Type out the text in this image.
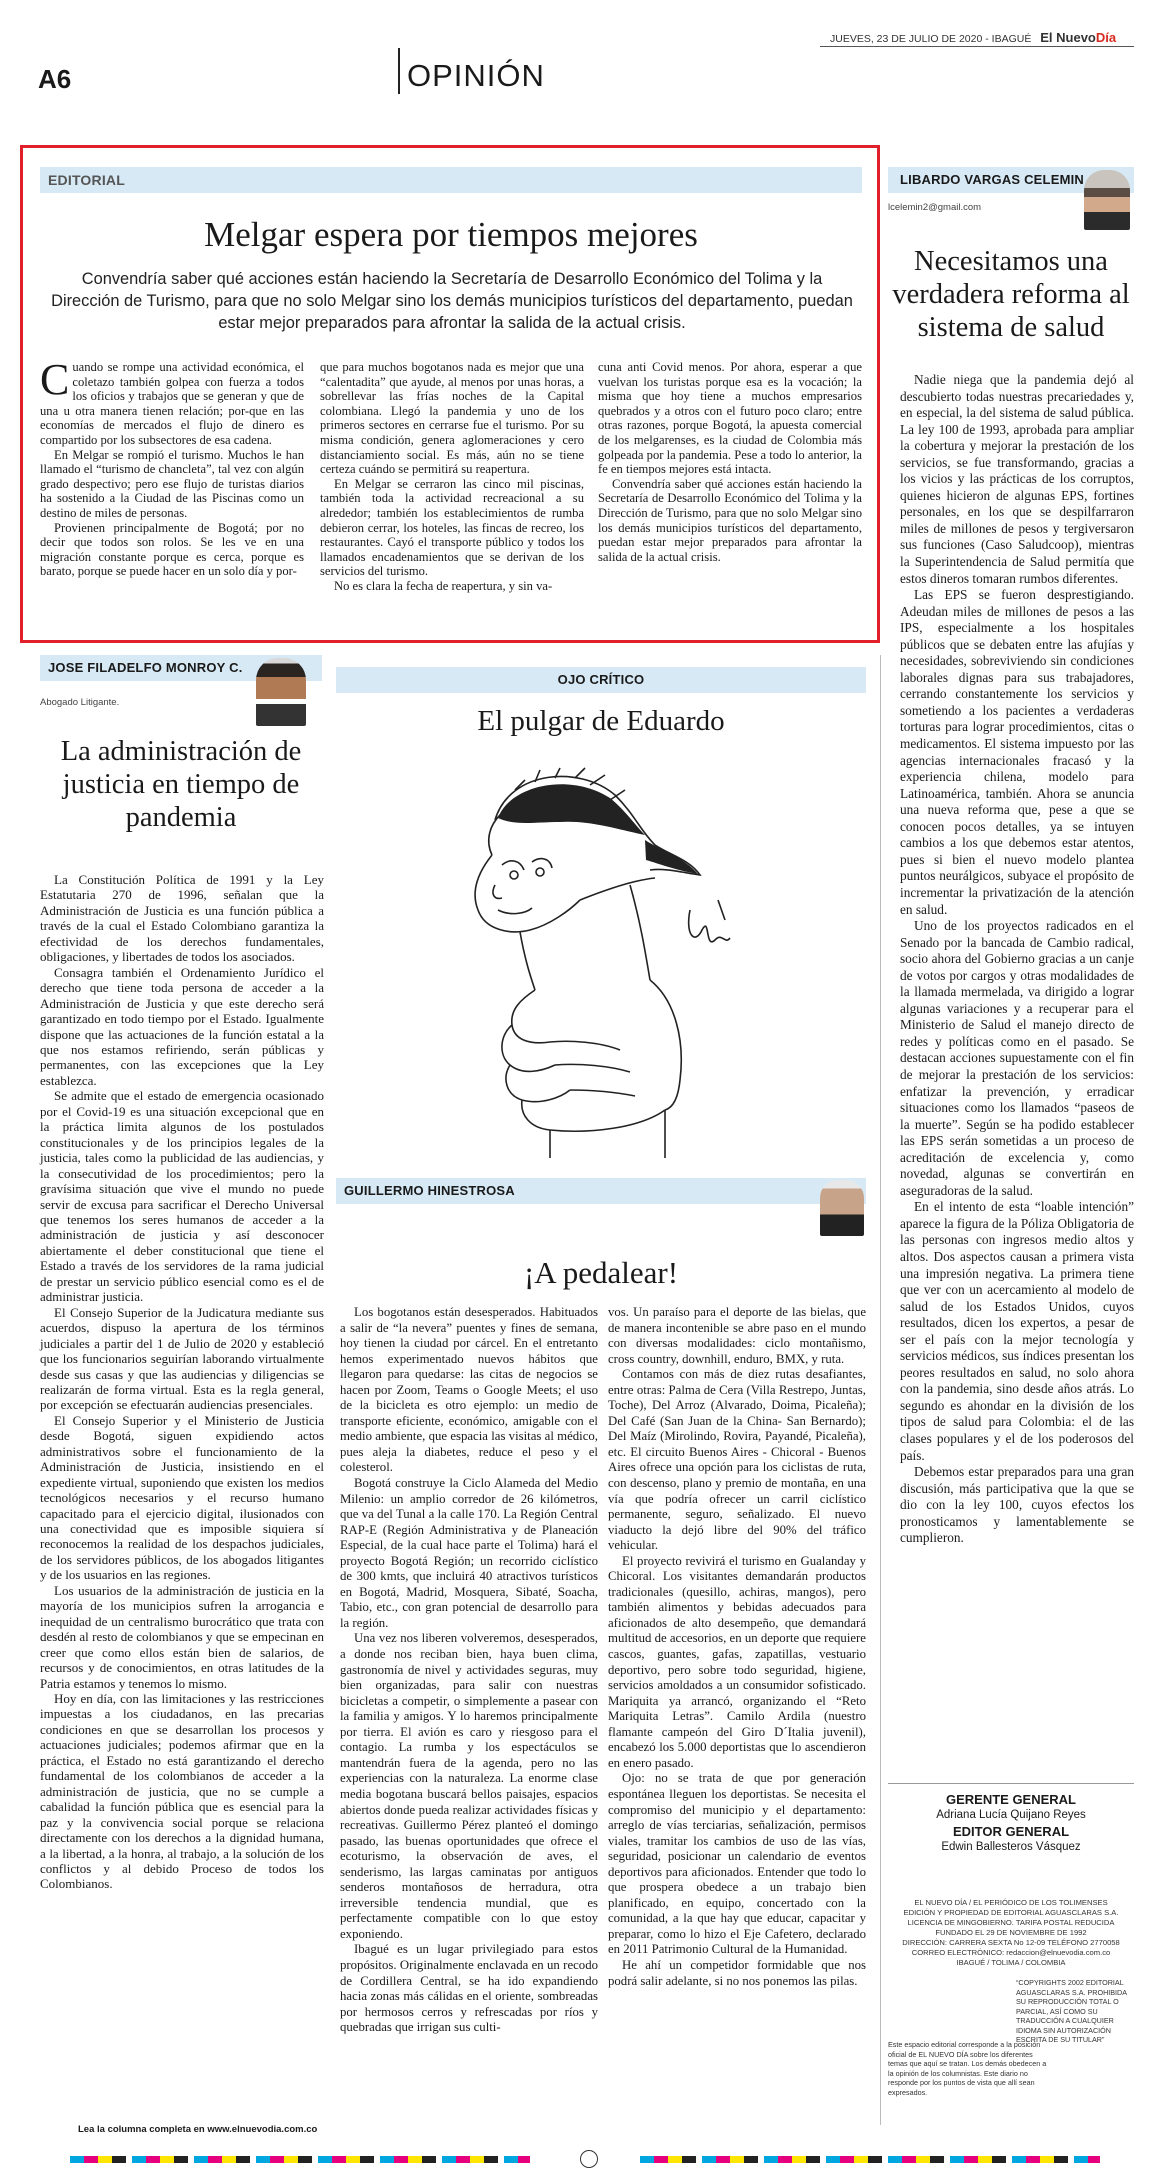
A6	OPINIÓN
JUEVES, 23 DE JULIO DE 2020 - IBAGUÉ El NuevoDía
EDITORIAL
Melgar espera por tiempos mejores
Convendría saber qué acciones están haciendo la Secretaría de Desarrollo Económico del Tolima y la Dirección de Turismo, para que no solo Melgar sino los demás municipios turísticos del departamento, puedan estar mejor preparados para afrontar la salida de la actual crisis.

Cuando se rompe una actividad económica, el coletazo también golpea con fuerza a todos los oficios y trabajos que se generan y que de una u otra manera tienen relación; por-que en las economías de mercados el flujo de dinero es compartido por los subsectores de esa cadena.

En Melgar se rompió el turismo. Muchos le han llamado el “turismo de chancleta”, tal vez con algún grado despectivo; pero ese flujo de turistas diarios ha sostenido a la Ciudad de las Piscinas como un destino de miles de personas.

Provienen principalmente de Bogotá; por no decir que todos son rolos. Se les ve en una migración constante porque es cerca, porque es barato, porque se puede hacer en un solo día y por-

que para muchos bogotanos nada es mejor que una “calentadita” que ayude, al menos por unas horas, a sobrellevar las frías noches de la Capital colombiana. Llegó la pandemia y uno de los primeros sectores en cerrarse fue el turismo. Por su misma condición, genera aglomeraciones y cero distanciamiento social. Es más, aún no se tiene certeza cuándo se permitirá su reapertura.

En Melgar se cerraron las cinco mil piscinas, también toda la actividad recreacional a su alrededor; también los establecimientos de rumba debieron cerrar, los hoteles, las fincas de recreo, los restaurantes. Cayó el transporte público y todos los llamados encadenamientos que se derivan de los servicios del turismo.

No es clara la fecha de reapertura, y sin va-

cuna anti Covid menos. Por ahora, esperar a que vuelvan los turistas porque esa es la vocación; la misma que hoy tiene a muchos empresarios quebrados y a otros con el futuro poco claro; entre otras razones, porque Bogotá, la apuesta comercial de los melgarenses, es la ciudad de Colombia más golpeada por la pandemia. Pese a todo lo anterior, la fe en tiempos mejores está intacta.

Convendría saber qué acciones están haciendo la Secretaría de Desarrollo Económico del Tolima y la Dirección de Turismo, para que no solo Melgar sino los demás municipios turísticos del departamento, puedan estar mejor preparados para afrontar la salida de la actual crisis.

LIBARDO VARGAS CELEMIN
lcelemin2@gmail.com
Necesitamos una verdadera reforma al sistema de salud

Nadie niega que la pandemia dejó al descubierto todas nuestras precariedades y, en especial, la del sistema de salud pública. La ley 100 de 1993, aprobada para ampliar la cobertura y mejorar la prestación de los servicios, se fue transformando, gracias a los vicios y las prácticas de los corruptos, quienes hicieron de algunas EPS, fortines personales, en los que se despilfarraron miles de millones de pesos y tergiversaron sus funciones (Caso Saludcoop), mientras la Superintendencia de Salud permitía que estos dineros tomaran rumbos diferentes.

Las EPS se fueron desprestigiando. Adeudan miles de millones de pesos a las IPS, especialmente a los hospitales públicos que se debaten entre las afujías y necesidades, sobreviviendo sin condiciones laborales dignas para sus trabajadores, cerrando constantemente los servicios y sometiendo a los pacientes a verdaderas torturas para lograr procedimientos, citas o medicamentos. El sistema impuesto por las agencias internacionales fracasó y la experiencia chilena, modelo para Latinoamérica, también. Ahora se anuncia una nueva reforma que, pese a que se conocen pocos detalles, ya se intuyen cambios a los que debemos estar atentos, pues si bien el nuevo modelo plantea puntos neurálgicos, subyace el propósito de incrementar la privatización de la atención en salud.

Uno de los proyectos radicados en el Senado por la bancada de Cambio radical, socio ahora del Gobierno gracias a un canje de votos por cargos y otras modalidades de la llamada mermelada, va dirigido a lograr algunas variaciones y a recuperar para el Ministerio de Salud el manejo directo de redes y políticas como en el pasado. Se destacan acciones supuestamente con el fin de mejorar la prestación de los servicios: enfatizar la prevención, y erradicar situaciones como los llamados “paseos de la muerte”. Según se ha podido establecer las EPS serán sometidas a un proceso de acreditación de excelencia y, como novedad, algunas se convertirán en aseguradoras de la salud.

En el intento de esta “loable intención” aparece la figura de la Póliza Obligatoria de las personas con ingresos medio altos y altos. Dos aspectos causan a primera vista una impresión negativa. La primera tiene que ver con un acercamiento al modelo de salud de los Estados Unidos, cuyos resultados, dicen los expertos, a pesar de ser el país con la mejor tecnología y servicios médicos, sus índices presentan los peores resultados en salud, no solo ahora con la pandemia, sino desde años atrás. Lo segundo es ahondar en la división de los tipos de salud para Colombia: el de las clases populares y el de los poderosos del país.

Debemos estar preparados para una gran discusión, más participativa que la que se dio con la ley 100, cuyos efectos los pronosticamos y lamentablemente se cumplieron.

JOSE FILADELFO MONROY C.
Abogado Litigante.
La administración de justicia en tiempo de pandemia

La Constitución Política de 1991 y la Ley Estatutaria 270 de 1996, señalan que la Administración de Justicia es una función pública a través de la cual el Estado Colombiano garantiza la efectividad de los derechos fundamentales, obligaciones, y libertades de todos los asociados.

Consagra también el Ordenamiento Jurídico el derecho que tiene toda persona de acceder a la Administración de Justicia y que este derecho será garantizado en todo tiempo por el Estado. Igualmente dispone que las actuaciones de la función estatal a la que nos estamos refiriendo, serán públicas y permanentes, con las excepciones que la Ley establezca.

Se admite que el estado de emergencia ocasionado por el Covid-19 es una situación excepcional que en la práctica limita algunos de los postulados constitucionales y de los principios legales de la justicia, tales como la publicidad de las audiencias, y la consecutividad de los procedimientos; pero la gravísima situación que vive el mundo no puede servir de excusa para sacrificar el Derecho Universal que tenemos los seres humanos de acceder a la administración de justicia y así desconocer abiertamente el deber constitucional que tiene el Estado a través de los servidores de la rama judicial de prestar un servicio público esencial como es el de administrar justicia.

El Consejo Superior de la Judicatura mediante sus acuerdos, dispuso la apertura de los términos judiciales a partir del 1 de Julio de 2020 y estableció que los funcionarios seguirían laborando virtualmente desde sus casas y que las audiencias y diligencias se realizarán de forma virtual. Esta es la regla general, por excepción se efectuarán audiencias presenciales.

El Consejo Superior y el Ministerio de Justicia desde Bogotá, siguen expidiendo actos administrativos sobre el funcionamiento de la Administración de Justicia, insistiendo en el expediente virtual, suponiendo que existen los medios tecnológicos necesarios y el recurso humano capacitado para el ejercicio digital, ilusionados con una conectividad que es imposible siquiera sí reconocemos la realidad de los despachos judiciales, de los servidores públicos, de los abogados litigantes y de los usuarios en las regiones.

Los usuarios de la administración de justicia en la mayoría de los municipios sufren la arrogancia e inequidad de un centralismo burocrático que trata con desdén al resto de colombianos y que se empecinan en creer que como ellos están bien de salarios, de recursos y de conocimientos, en otras latitudes de la Patria estamos y tenemos lo mismo.

Hoy en día, con las limitaciones y las restricciones impuestas a los ciudadanos, en las precarias condiciones en que se desarrollan los procesos y actuaciones judiciales; podemos afirmar que en la práctica, el Estado no está garantizando el derecho fundamental de los colombianos de acceder a la administración de justicia, que no se cumple a cabalidad la función pública que es esencial para la paz y la convivencia social porque se relaciona directamente con los derechos a la dignidad humana, a la libertad, a la honra, al trabajo, a la solución de los conflictos y al debido Proceso de todos los Colombianos.

Lea la columna completa en www.elnuevodia.com.co
OJO CRÍTICO
El pulgar de Eduardo
GUILLERMO HINESTROSA
¡A pedalear!

Los bogotanos están desesperados. Habituados a salir de “la nevera” puentes y fines de semana, hoy tienen la ciudad por cárcel. En el entretanto hemos experimentado nuevos hábitos que llegaron para quedarse: las citas de negocios se hacen por Zoom, Teams o Google Meets; el uso de la bicicleta es otro ejemplo: un medio de transporte eficiente, económico, amigable con el medio ambiente, que espacia las visitas al médico, pues aleja la diabetes, reduce el peso y el colesterol.

Bogotá construye la Ciclo Alameda del Medio Milenio: un amplio corredor de 26 kilómetros, que va del Tunal a la calle 170. La Región Central RAP-E (Región Administrativa y de Planeación Especial, de la cual hace parte el Tolima) hará el proyecto Bogotá Región; un recorrido ciclístico de 300 kmts, que incluirá 40 atractivos turísticos en Bogotá, Madrid, Mosquera, Sibaté, Soacha, Tabio, etc., con gran potencial de desarrollo para la región.

Una vez nos liberen volveremos, desesperados, a donde nos reciban bien, haya buen clima, gastronomía de nivel y actividades seguras, muy bien organizadas, para salir con nuestras bicicletas a competir, o simplemente a pasear con la familia y amigos. Y lo haremos principalmente por tierra. El avión es caro y riesgoso para el contagio. La rumba y los espectáculos se mantendrán fuera de la agenda, pero no las experiencias con la naturaleza. La enorme clase media bogotana buscará bellos paisajes, espacios abiertos donde pueda realizar actividades físicas y recreativas. Guillermo Pérez planteó el domingo pasado, las buenas oportunidades que ofrece el ecoturismo, la observación de aves, el senderismo, las largas caminatas por antiguos senderos montañosos de herradura, otra irreversible tendencia mundial, que es perfectamente compatible con lo que estoy exponiendo.

Ibagué es un lugar privilegiado para estos propósitos. Originalmente enclavada en un recodo de Cordillera Central, se ha ido expandiendo hacia zonas más cálidas en el oriente, sombreadas por hermosos cerros y refrescadas por ríos y quebradas que irrigan sus culti-

vos. Un paraíso para el deporte de las bielas, que de manera incontenible se abre paso en el mundo con diversas modalidades: ciclo montañismo, cross country, downhill, enduro, BMX, y ruta.

Contamos con más de diez rutas desafiantes, entre otras: Palma de Cera (Villa Restrepo, Juntas, Toche), Del Arroz (Alvarado, Doima, Picaleña); Del Café (San Juan de la China- San Bernardo); Del Maíz (Mirolindo, Rovira, Payandé, Picaleña), etc. El circuito Buenos Aires - Chicoral - Buenos Aires ofrece una opción para los ciclistas de ruta, con descenso, plano y premio de montaña, en una vía que podría ofrecer un carril ciclístico permanente, seguro, señalizado. El nuevo viaducto la dejó libre del 90% del tráfico vehicular.

El proyecto revivirá el turismo en Gualanday y Chicoral. Los visitantes demandarán productos tradicionales (quesillo, achiras, mangos), pero también alimentos y bebidas adecuados para aficionados de alto desempeño, que demandará multitud de accesorios, en un deporte que requiere cascos, guantes, gafas, zapatillas, vestuario deportivo, pero sobre todo seguridad, higiene, servicios amoldados a un consumidor sofisticado. Mariquita ya arrancó, organizando el “Reto Mariquita Letras”. Camilo Ardila (nuestro flamante campeón del Giro D´Italia juvenil), encabezó los 5.000 deportistas que lo ascendieron en enero pasado.

Ojo: no se trata de que por generación espontánea lleguen los deportistas. Se necesita el compromiso del municipio y el departamento: arreglo de vías terciarias, señalización, permisos viales, tramitar los cambios de uso de las vías, seguridad, posicionar un calendario de eventos deportivos para aficionados. Entender que todo lo que prospera obedece a un trabajo bien planificado, en equipo, concertado con la comunidad, a la que hay que educar, capacitar y preparar, como lo hizo el Eje Cafetero, declarado en 2011 Patrimonio Cultural de la Humanidad.

He ahí un competidor formidable que nos podrá salir adelante, si no nos ponemos las pilas.

GERENTE GENERAL
Adriana Lucía Quijano Reyes
EDITOR GENERAL
Edwin Ballesteros Vásquez
EL NUEVO DÍA / EL PERIÓDICO DE LOS TOLIMENSES
EDICIÓN Y PROPIEDAD DE EDITORIAL AGUASCLARAS S.A.
LICENCIA DE MINGOBIERNO. TARIFA POSTAL REDUCIDA
FUNDADO EL 29 DE NOVIEMBRE DE 1992
DIRECCIÓN: CARRERA SEXTA No 12-09 TELÉFONO 2770058
CORREO ELECTRÓNICO: redaccion@elnuevodia.com.co
IBAGUÉ / TOLIMA / COLOMBIA
“COPYRIGHTS 2002 EDITORIAL AGUASCLARAS S.A. PROHIBIDA SU REPRODUCCIÓN TOTAL O PARCIAL, ASÍ COMO SU TRADUCCIÓN A CUALQUIER IDIOMA SIN AUTORIZACIÓN ESCRITA DE SU TITULAR”
Este espacio editorial corresponde a la posición oficial de EL NUEVO DÍA sobre los diferentes temas que aquí se tratan. Los demás obedecen a la opinión de los columnistas. Este diario no responde por los puntos de vista que allí sean expresados.
